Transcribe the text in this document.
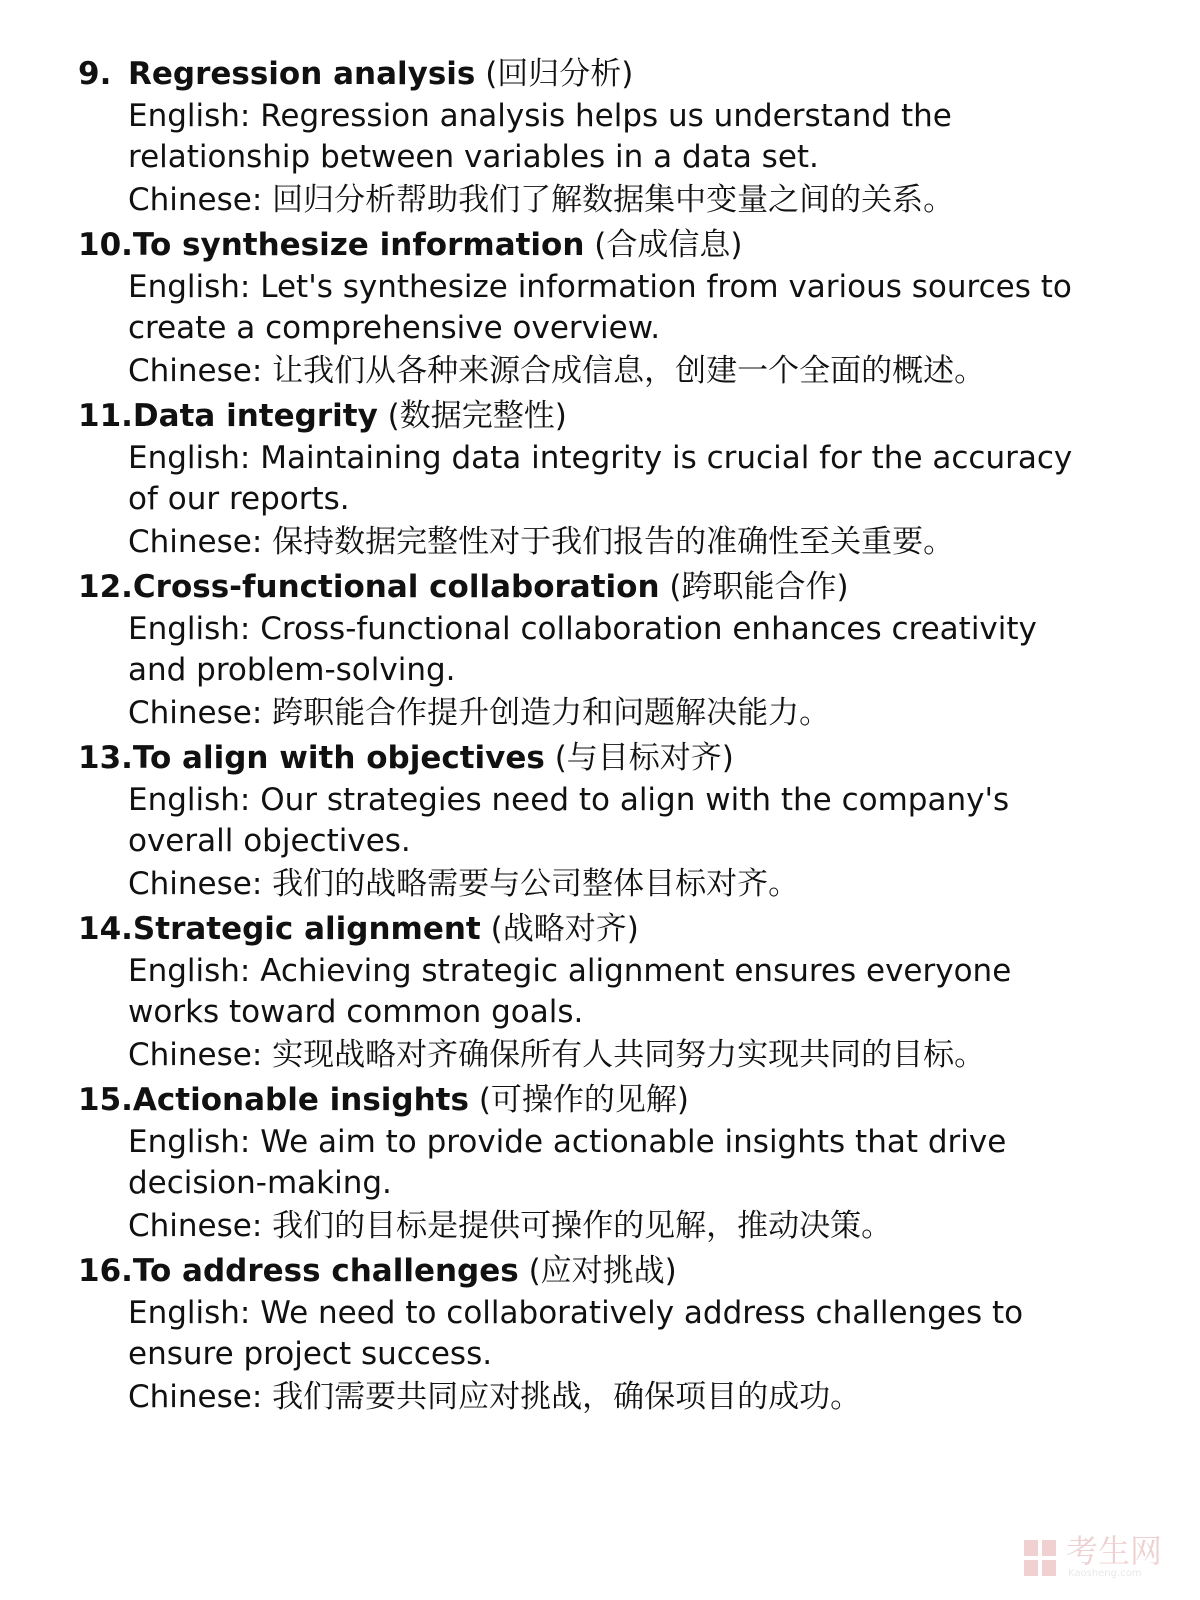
9. Regression analysis (回归分析)
English: Regression analysis helps us understand the
relationship between variables in a data set.
Chinese: 回归分析帮助我们了解数据集中变量之间的关系。
10.To synthesize information (合成信息)
English: Let's synthesize information from various sources to
create a comprehensive overview.
Chinese: 让我们从各种来源合成信息，创建一个全面的概述。
11.Data integrity (数据完整性)
English: Maintaining data integrity is crucial for the accuracy
of our reports.
Chinese: 保持数据完整性对于我们报告的准确性至关重要。
12.Cross-functional collaboration (跨职能合作)
English: Cross-functional collaboration enhances creativity
and problem-solving.
Chinese: 跨职能合作提升创造力和问题解决能力。
13.To align with objectives (与目标对齐)
English: Our strategies need to align with the company's
overall objectives.
Chinese: 我们的战略需要与公司整体目标对齐。
14.Strategic alignment (战略对齐)
English: Achieving strategic alignment ensures everyone
works toward common goals.
Chinese: 实现战略对齐确保所有人共同努力实现共同的目标。
15.Actionable insights (可操作的见解)
English: We aim to provide actionable insights that drive
decision-making.
Chinese: 我们的目标是提供可操作的见解，推动决策。
16.To address challenges (应对挑战)
English: We need to collaboratively address challenges to
ensure project success.
Chinese: 我们需要共同应对挑战，确保项目的成功。
考生网
Kaosheng.com
